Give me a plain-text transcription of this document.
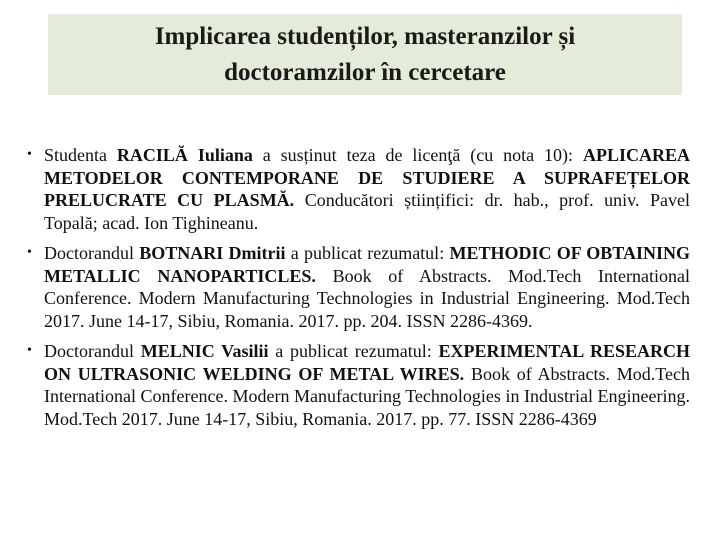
Implicarea studenților, masteranzilor și
doctoramzilor în cercetare
• Studenta RACILĂ Iuliana a susținut teza de licenţă (cu nota 10): APLICAREA METODELOR CONTEMPORANE DE STUDIERE A SUPRAFEȚELOR PRELUCRATE CU PLASMĂ. Conducători științifici: dr. hab., prof. univ. Pavel Topală; acad. Ion Tighineanu.
• Doctorandul BOTNARI Dmitrii a publicat rezumatul: METHODIC OF OBTAINING METALLIC NANOPARTICLES. Book of Abstracts. Mod.Tech International Conference. Modern Manufacturing Technologies in Industrial Engineering. Mod.Tech 2017. June 14-17, Sibiu, Romania. 2017. pp. 204. ISSN 2286-4369.
• Doctorandul MELNIC Vasilii a publicat rezumatul: EXPERIMENTAL RESEARCH ON ULTRASONIC WELDING OF METAL WIRES. Book of Abstracts. Mod.Tech International Conference. Modern Manufacturing Technologies in Industrial Engineering. Mod.Tech 2017. June 14-17, Sibiu, Romania. 2017. pp. 77. ISSN 2286-4369
